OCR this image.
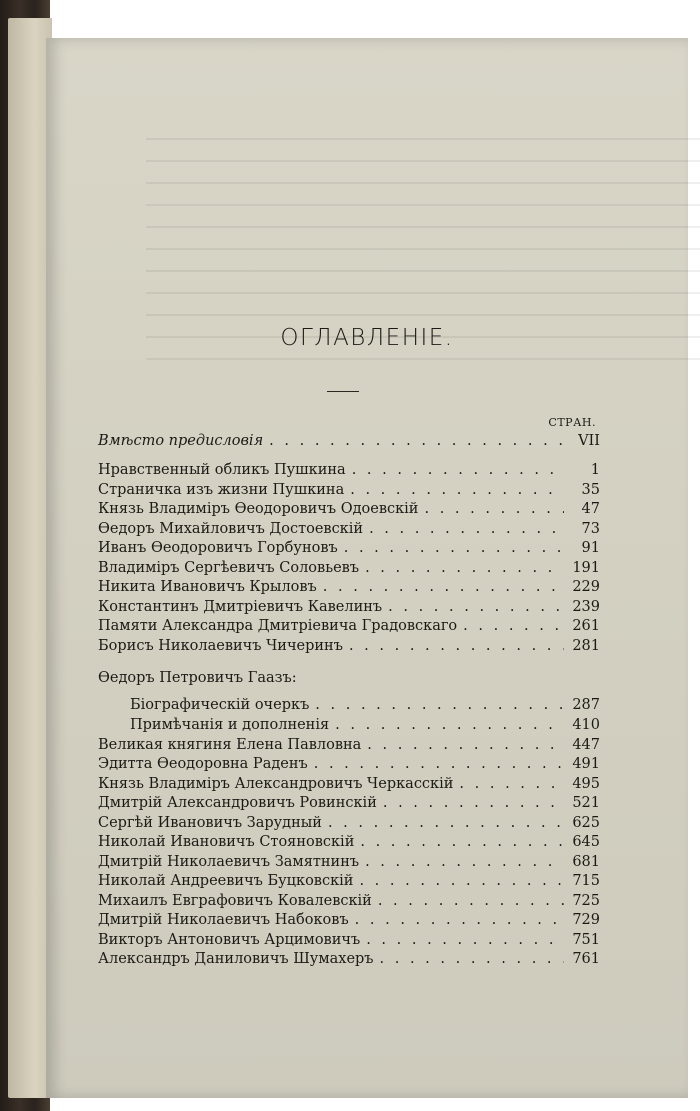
ОГЛАВЛЕНIЕ.
СТРАН.
Вмѣсто предисловія . . .	VII
Нравственный обликъ Пушкина . . .	1
Страничка изъ жизни Пушкина . . .	35
Князь Владиміръ Ѳеодоровичъ Одоевскій . . .	47
Ѳедоръ Михайловичъ Достоевскій . . .	73
Иванъ Ѳеодоровичъ Горбуновъ . . .	91
Владиміръ Сергѣевичъ Соловьевъ . . .	191
Никита Ивановичъ Крыловъ . . .	229
Константинъ Дмитріевичъ Кавелинъ . . .	239
Памяти Александра Дмитріевича Градовскаго . . .	261
Борисъ Николаевичъ Чичеринъ . . .	281
Ѳедоръ Петровичъ Гаазъ:
Біографическій очеркъ . . .	287
Примѣчанія и дополненія . . .	410
Великая княгиня Елена Павловна . . .	447
Эдитта Ѳеодоровна Раденъ . . .	491
Князь Владиміръ Александровичъ Черкасскій . . .	495
Дмитрій Александровичъ Ровинскій . . .	521
Сергѣй Ивановичъ Зарудный . . .	625
Николай Ивановичъ Стояновскій . . .	645
Дмитрій Николаевичъ Замятнинъ . . .	681
Николай Андреевичъ Буцковскій . . .	715
Михаилъ Евграфовичъ Ковалевскій . . .	725
Дмитрій Николаевичъ Набоковъ . . .	729
Викторъ Антоновичъ Арцимовичъ . . .	751
Александръ Даниловичъ Шумахеръ . . .	761
